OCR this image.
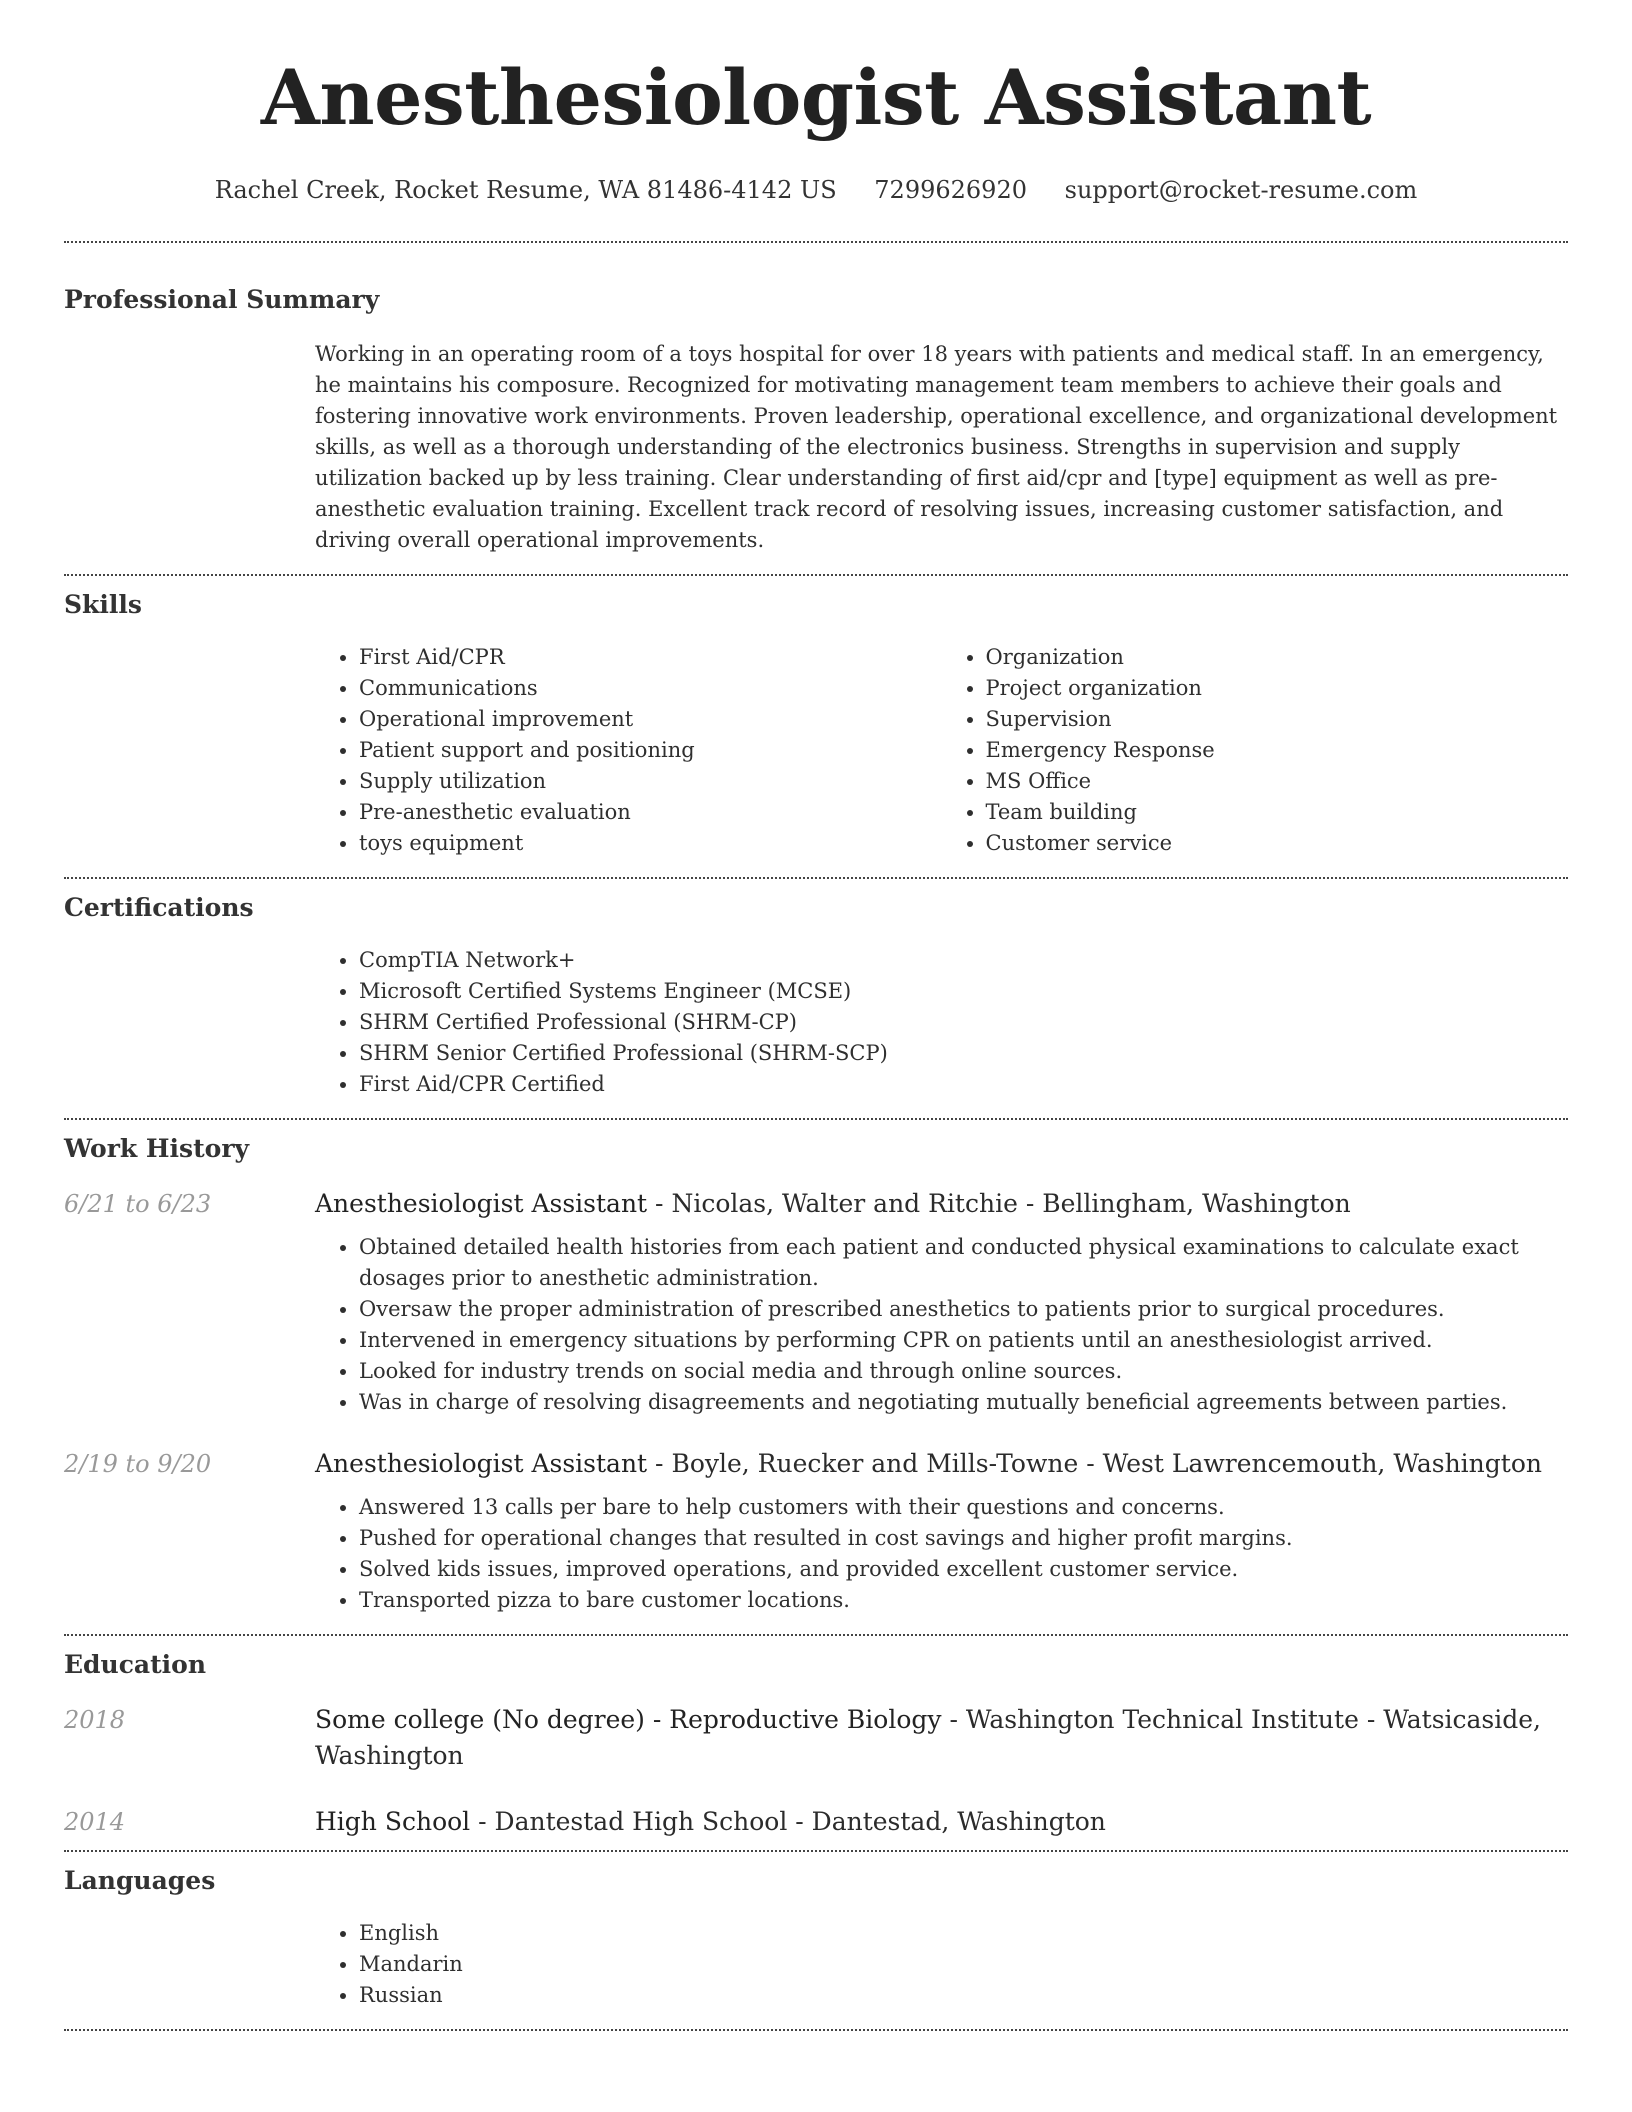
Anesthesiologist Assistant
Rachel Creek, Rocket Resume, WA 81486-4142 US 7299626920 support@rocket-resume.com
Professional Summary

Working in an operating room of a toys hospital for over 18 years with patients and medical staff. In an emergency, he maintains his composure. Recognized for motivating management team members to achieve their goals and fostering innovative work environments. Proven leadership, operational excellence, and organizational development skills, as well as a thorough understanding of the electronics business. Strengths in supervision and supply utilization backed up by less training. Clear understanding of first aid/cpr and [type] equipment as well as pre-anesthetic evaluation training. Excellent track record of resolving issues, increasing customer satisfaction, and driving overall operational improvements.

Skills
• First Aid/CPR
• Communications
• Operational improvement
• Patient support and positioning
• Supply utilization
• Pre-anesthetic evaluation
• toys equipment
• Organization
• Project organization
• Supervision
• Emergency Response
• MS Office
• Team building
• Customer service
Certifications
• CompTIA Network+
• Microsoft Certified Systems Engineer (MCSE)
• SHRM Certified Professional (SHRM-CP)
• SHRM Senior Certified Professional (SHRM-SCP)
• First Aid/CPR Certified
Work History
6/21 to 6/23	Anesthesiologist Assistant - Nicolas, Walter and Ritchie - Bellingham, Washington
• Obtained detailed health histories from each patient and conducted physical examinations to calculate exact dosages prior to anesthetic administration.
• Oversaw the proper administration of prescribed anesthetics to patients prior to surgical procedures.
• Intervened in emergency situations by performing CPR on patients until an anesthesiologist arrived.
• Looked for industry trends on social media and through online sources.
• Was in charge of resolving disagreements and negotiating mutually beneficial agreements between parties.
2/19 to 9/20	Anesthesiologist Assistant - Boyle, Ruecker and Mills-Towne - West Lawrencemouth, Washington
• Answered 13 calls per bare to help customers with their questions and concerns.
• Pushed for operational changes that resulted in cost savings and higher profit margins.
• Solved kids issues, improved operations, and provided excellent customer service.
• Transported pizza to bare customer locations.
Education
2018	Some college (No degree) - Reproductive Biology - Washington Technical Institute - Watsicaside, Washington
2014	High School - Dantestad High School - Dantestad, Washington
Languages
• English
• Mandarin
• Russian
